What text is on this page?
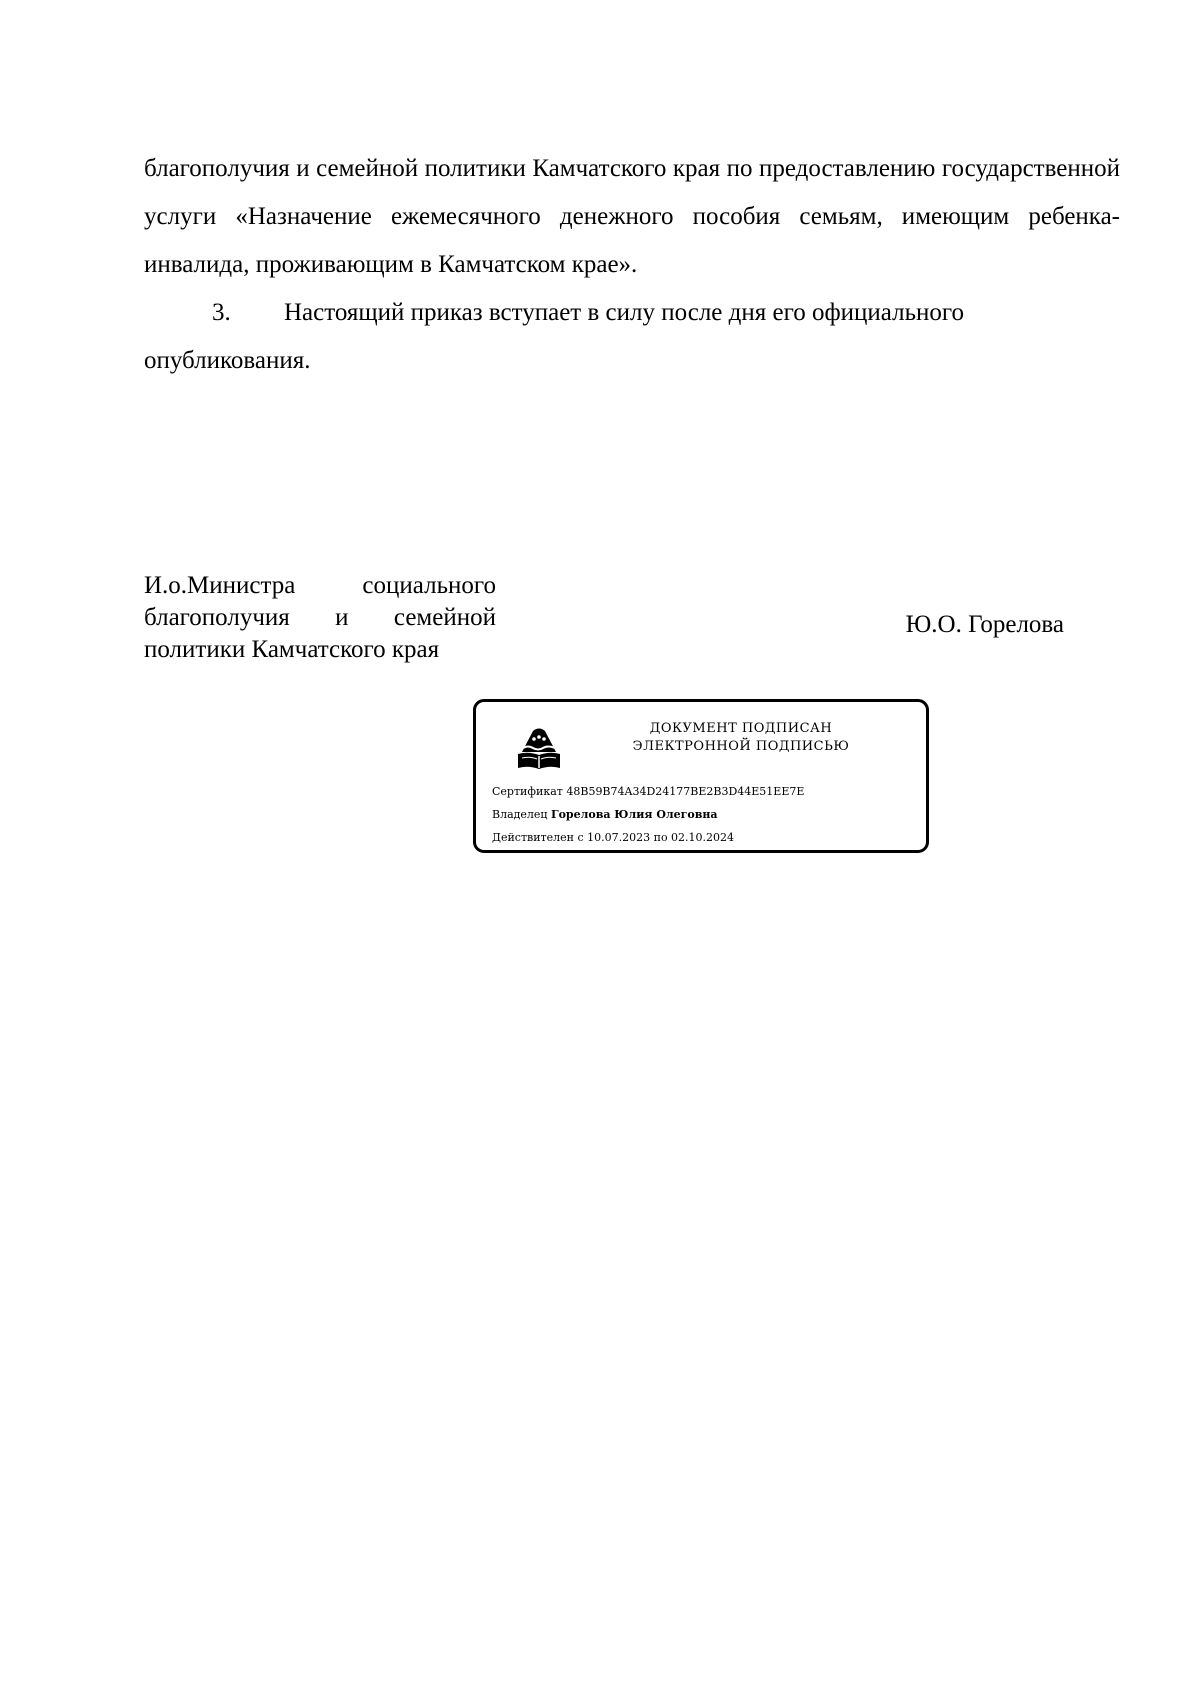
благополучия и семейной политики Камчатского края по предоставлению государственной услуги «Назначение ежемесячного денежного пособия семьям, имеющим ребенка-инвалида, проживающим в Камчатском крае».

3. Настоящий приказ вступает в силу после дня его официального опубликования.

И.о.Министра социального
благополучия и семейной
политики Камчатского края
Ю.О. Горелова
ДОКУМЕНТ ПОДПИСАН
ЭЛЕКТРОННОЙ ПОДПИСЬЮ
Сертификат 48B59B74A34D24177BE2B3D44E51EE7E
Владелец Горелова Юлия Олеговна
Действителен с 10.07.2023 по 02.10.2024
